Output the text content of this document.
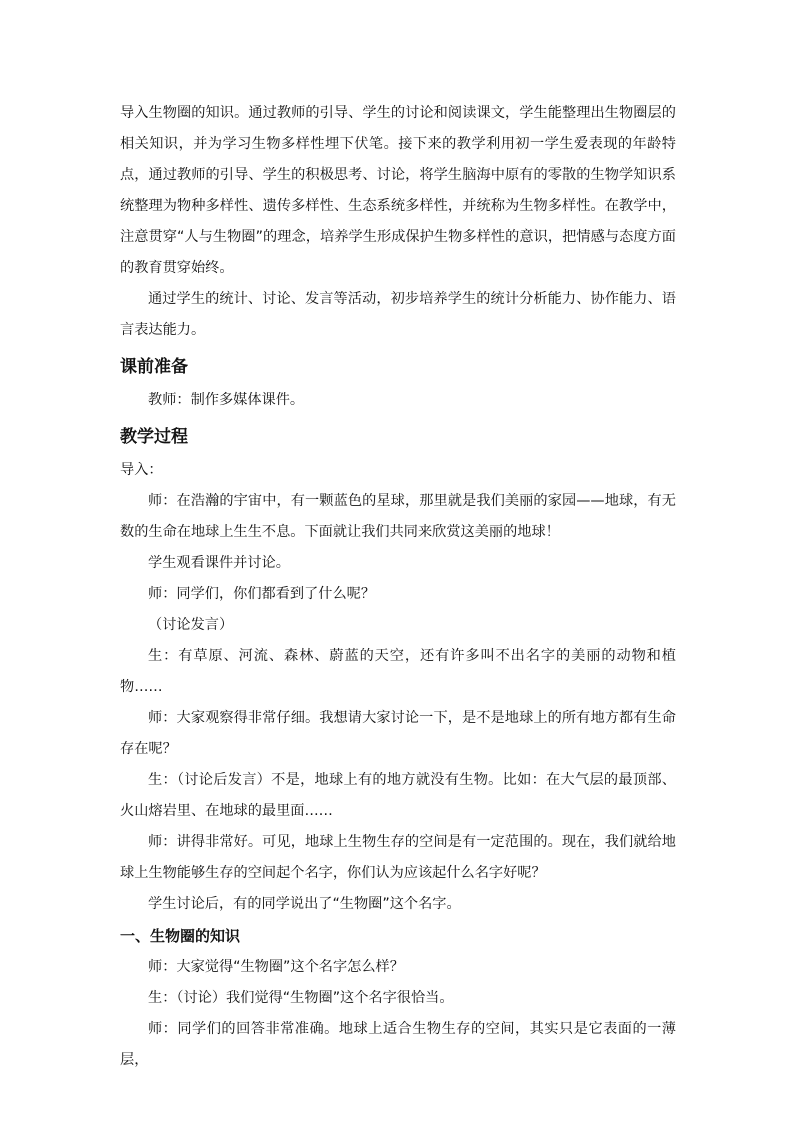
导入生物圈的知识。通过教师的引导、学生的讨论和阅读课文，学生能整理出生物圈层的相关知识，并为学习生物多样性埋下伏笔。接下来的教学利用初一学生爱表现的年龄特点，通过教师的引导、学生的积极思考、讨论，将学生脑海中原有的零散的生物学知识系统整理为物种多样性、遗传多样性、生态系统多样性，并统称为生物多样性。在教学中，注意贯穿“人与生物圈”的理念，培养学生形成保护生物多样性的意识，把情感与态度方面的教育贯穿始终。

通过学生的统计、讨论、发言等活动，初步培养学生的统计分析能力、协作能力、语言表达能力。

课前准备

教师：制作多媒体课件。

教学过程

导入：

师：在浩瀚的宇宙中，有一颗蓝色的星球，那里就是我们美丽的家园——地球，有无数的生命在地球上生生不息。下面就让我们共同来欣赏这美丽的地球！

学生观看课件并讨论。

师：同学们，你们都看到了什么呢？

（讨论发言）

生：有草原、河流、森林、蔚蓝的天空，还有许多叫不出名字的美丽的动物和植物……

师：大家观察得非常仔细。我想请大家讨论一下，是不是地球上的所有地方都有生命存在呢？

生：（讨论后发言）不是，地球上有的地方就没有生物。比如：在大气层的最顶部、火山熔岩里、在地球的最里面……

师：讲得非常好。可见，地球上生物生存的空间是有一定范围的。现在，我们就给地球上生物能够生存的空间起个名字，你们认为应该起什么名字好呢？

学生讨论后，有的同学说出了“生物圈”这个名字。

一、生物圈的知识

师：大家觉得“生物圈”这个名字怎么样？

生：（讨论）我们觉得“生物圈”这个名字很恰当。

师：同学们的回答非常准确。地球上适合生物生存的空间，其实只是它表面的一薄层，
